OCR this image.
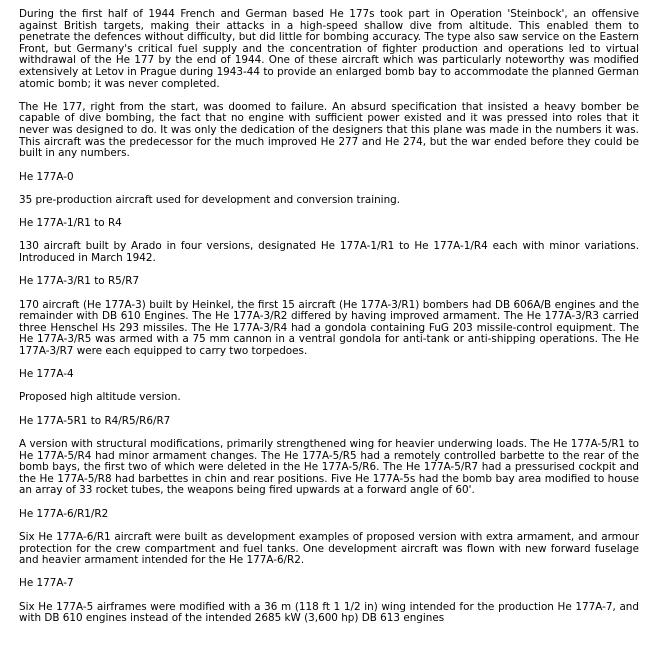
During the first half of 1944 French and German based He 177s took part in Operation 'Steinbock', an offensive against British targets, making their attacks in a high-speed shallow dive from altitude. This enabled them to penetrate the defences without difficulty, but did little for bombing accuracy. The type also saw service on the Eastern Front, but Germany's critical fuel supply and the concentration of fighter production and operations led to virtual withdrawal of the He 177 by the end of 1944. One of these aircraft which was particularly noteworthy was modified extensively at Letov in Prague during 1943-44 to provide an enlarged bomb bay to accommodate the planned German atomic bomb; it was never completed.

The He 177, right from the start, was doomed to failure. An absurd specification that insisted a heavy bomber be capable of dive bombing, the fact that no engine with sufficient power existed and it was pressed into roles that it never was designed to do. It was only the dedication of the designers that this plane was made in the numbers it was. This aircraft was the predecessor for the much improved He 277 and He 274, but the war ended before they could be built in any numbers.

He 177A-0

35 pre-production aircraft used for development and conversion training.

He 177A-1/R1 to R4

130 aircraft built by Arado in four versions, designated He 177A-1/R1 to He 177A-1/R4 each with minor variations. Introduced in March 1942.

He 177A-3/R1 to R5/R7

170 aircraft (He 177A-3) built by Heinkel, the first 15 aircraft (He 177A-3/R1) bombers had DB 606A/B engines and the remainder with DB 610 Engines. The He 177A-3/R2 differed by having improved armament. The He 177A-3/R3 carried three Henschel Hs 293 missiles. The He 177A-3/R4 had a gondola containing FuG 203 missile-control equipment. The He 177A-3/R5 was armed with a 75 mm cannon in a ventral gondola for anti-tank or anti-shipping operations. The He 177A-3/R7 were each equipped to carry two torpedoes.

He 177A-4

Proposed high altitude version.

He 177A-5R1 to R4/R5/R6/R7

A version with structural modifications, primarily strengthened wing for heavier underwing loads. The He 177A-5/R1 to He 177A-5/R4 had minor armament changes. The He 177A-5/R5 had a remotely controlled barbette to the rear of the bomb bays, the first two of which were deleted in the He 177A-5/R6. The He 177A-5/R7 had a pressurised cockpit and the He 177A-5/R8 had barbettes in chin and rear positions. Five He 177A-5s had the bomb bay area modified to house an array of 33 rocket tubes, the weapons being fired upwards at a forward angle of 60'.

He 177A-6/R1/R2

Six He 177A-6/R1 aircraft were built as development examples of proposed version with extra armament, and armour protection for the crew compartment and fuel tanks. One development aircraft was flown with new forward fuselage and heavier armament intended for the He 177A-6/R2.

He 177A-7

Six He 177A-5 airframes were modified with a 36 m (118 ft 1 1/2 in) wing intended for the production He 177A-7, and with DB 610 engines instead of the intended 2685 kW (3,600 hp) DB 613 engines
